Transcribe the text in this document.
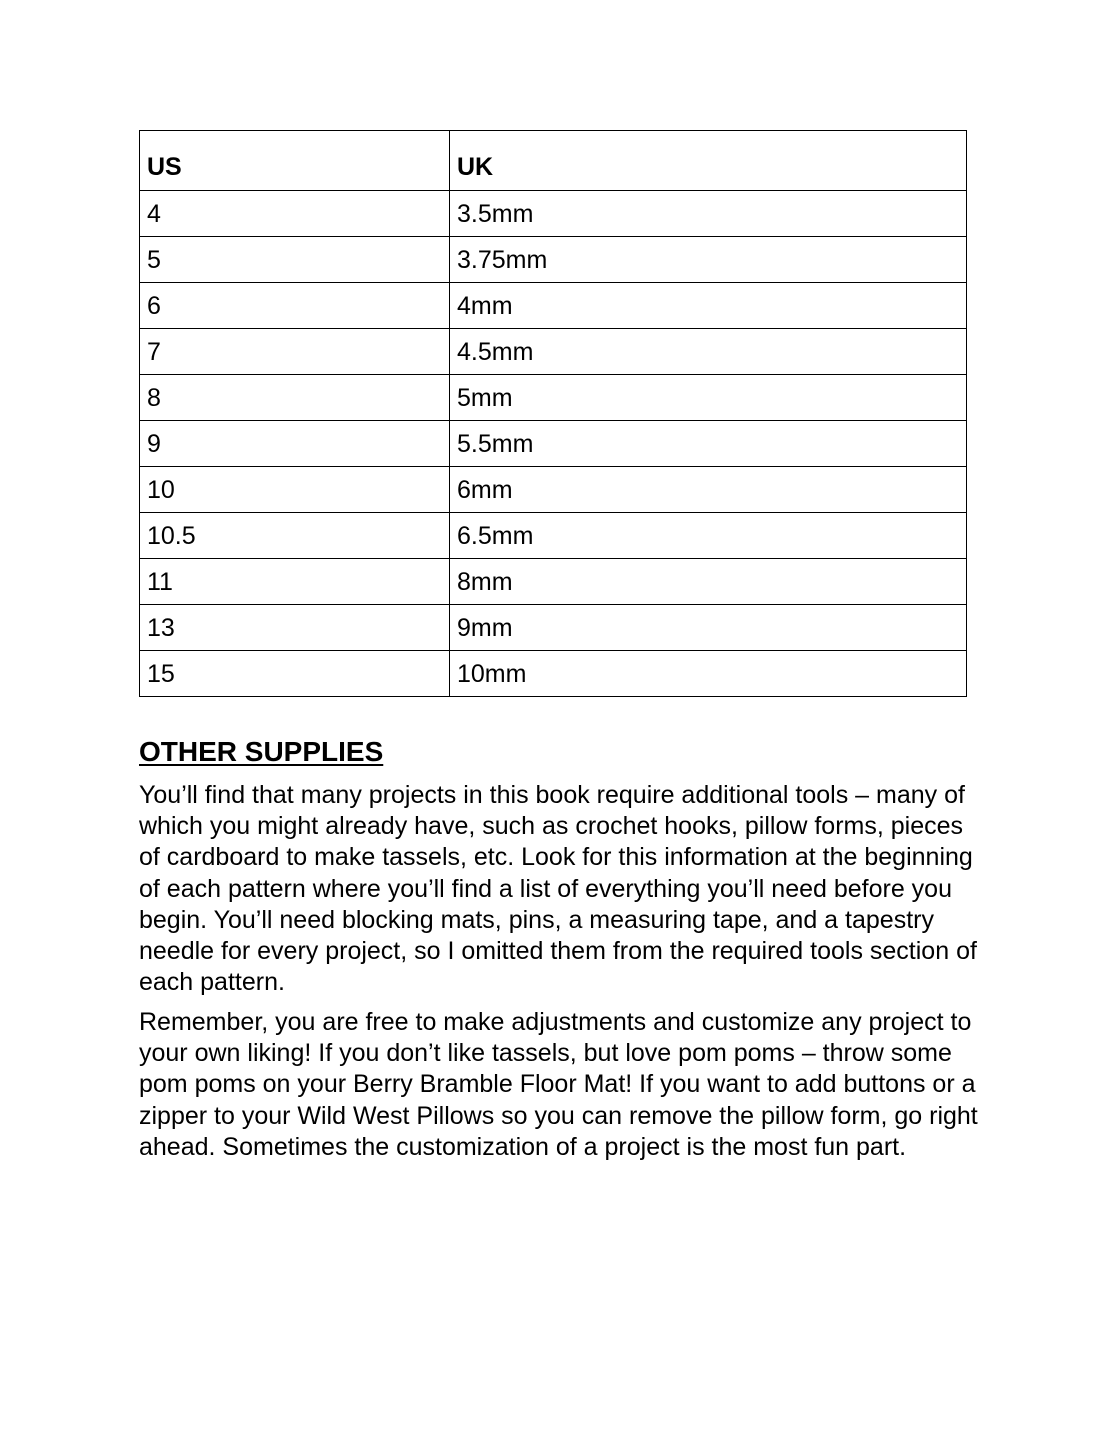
US	UK
4	3.5mm
5	3.75mm
6	4mm
7	4.5mm
8	5mm
9	5.5mm
10	6mm
10.5	6.5mm
11	8mm
13	9mm
15	10mm
OTHER SUPPLIES

You’ll find that many projects in this book require additional tools – many of which you might already have, such as crochet hooks, pillow forms, pieces of cardboard to make tassels, etc. Look for this information at the beginning of each pattern where you’ll find a list of everything you’ll need before you begin. You’ll need blocking mats, pins, a measuring tape, and a tapestry needle for every project, so I omitted them from the required tools section of each pattern.

Remember, you are free to make adjustments and customize any project to your own liking! If you don’t like tassels, but love pom poms – throw some pom poms on your Berry Bramble Floor Mat! If you want to add buttons or a zipper to your Wild West Pillows so you can remove the pillow form, go right ahead. Sometimes the customization of a project is the most fun part.
